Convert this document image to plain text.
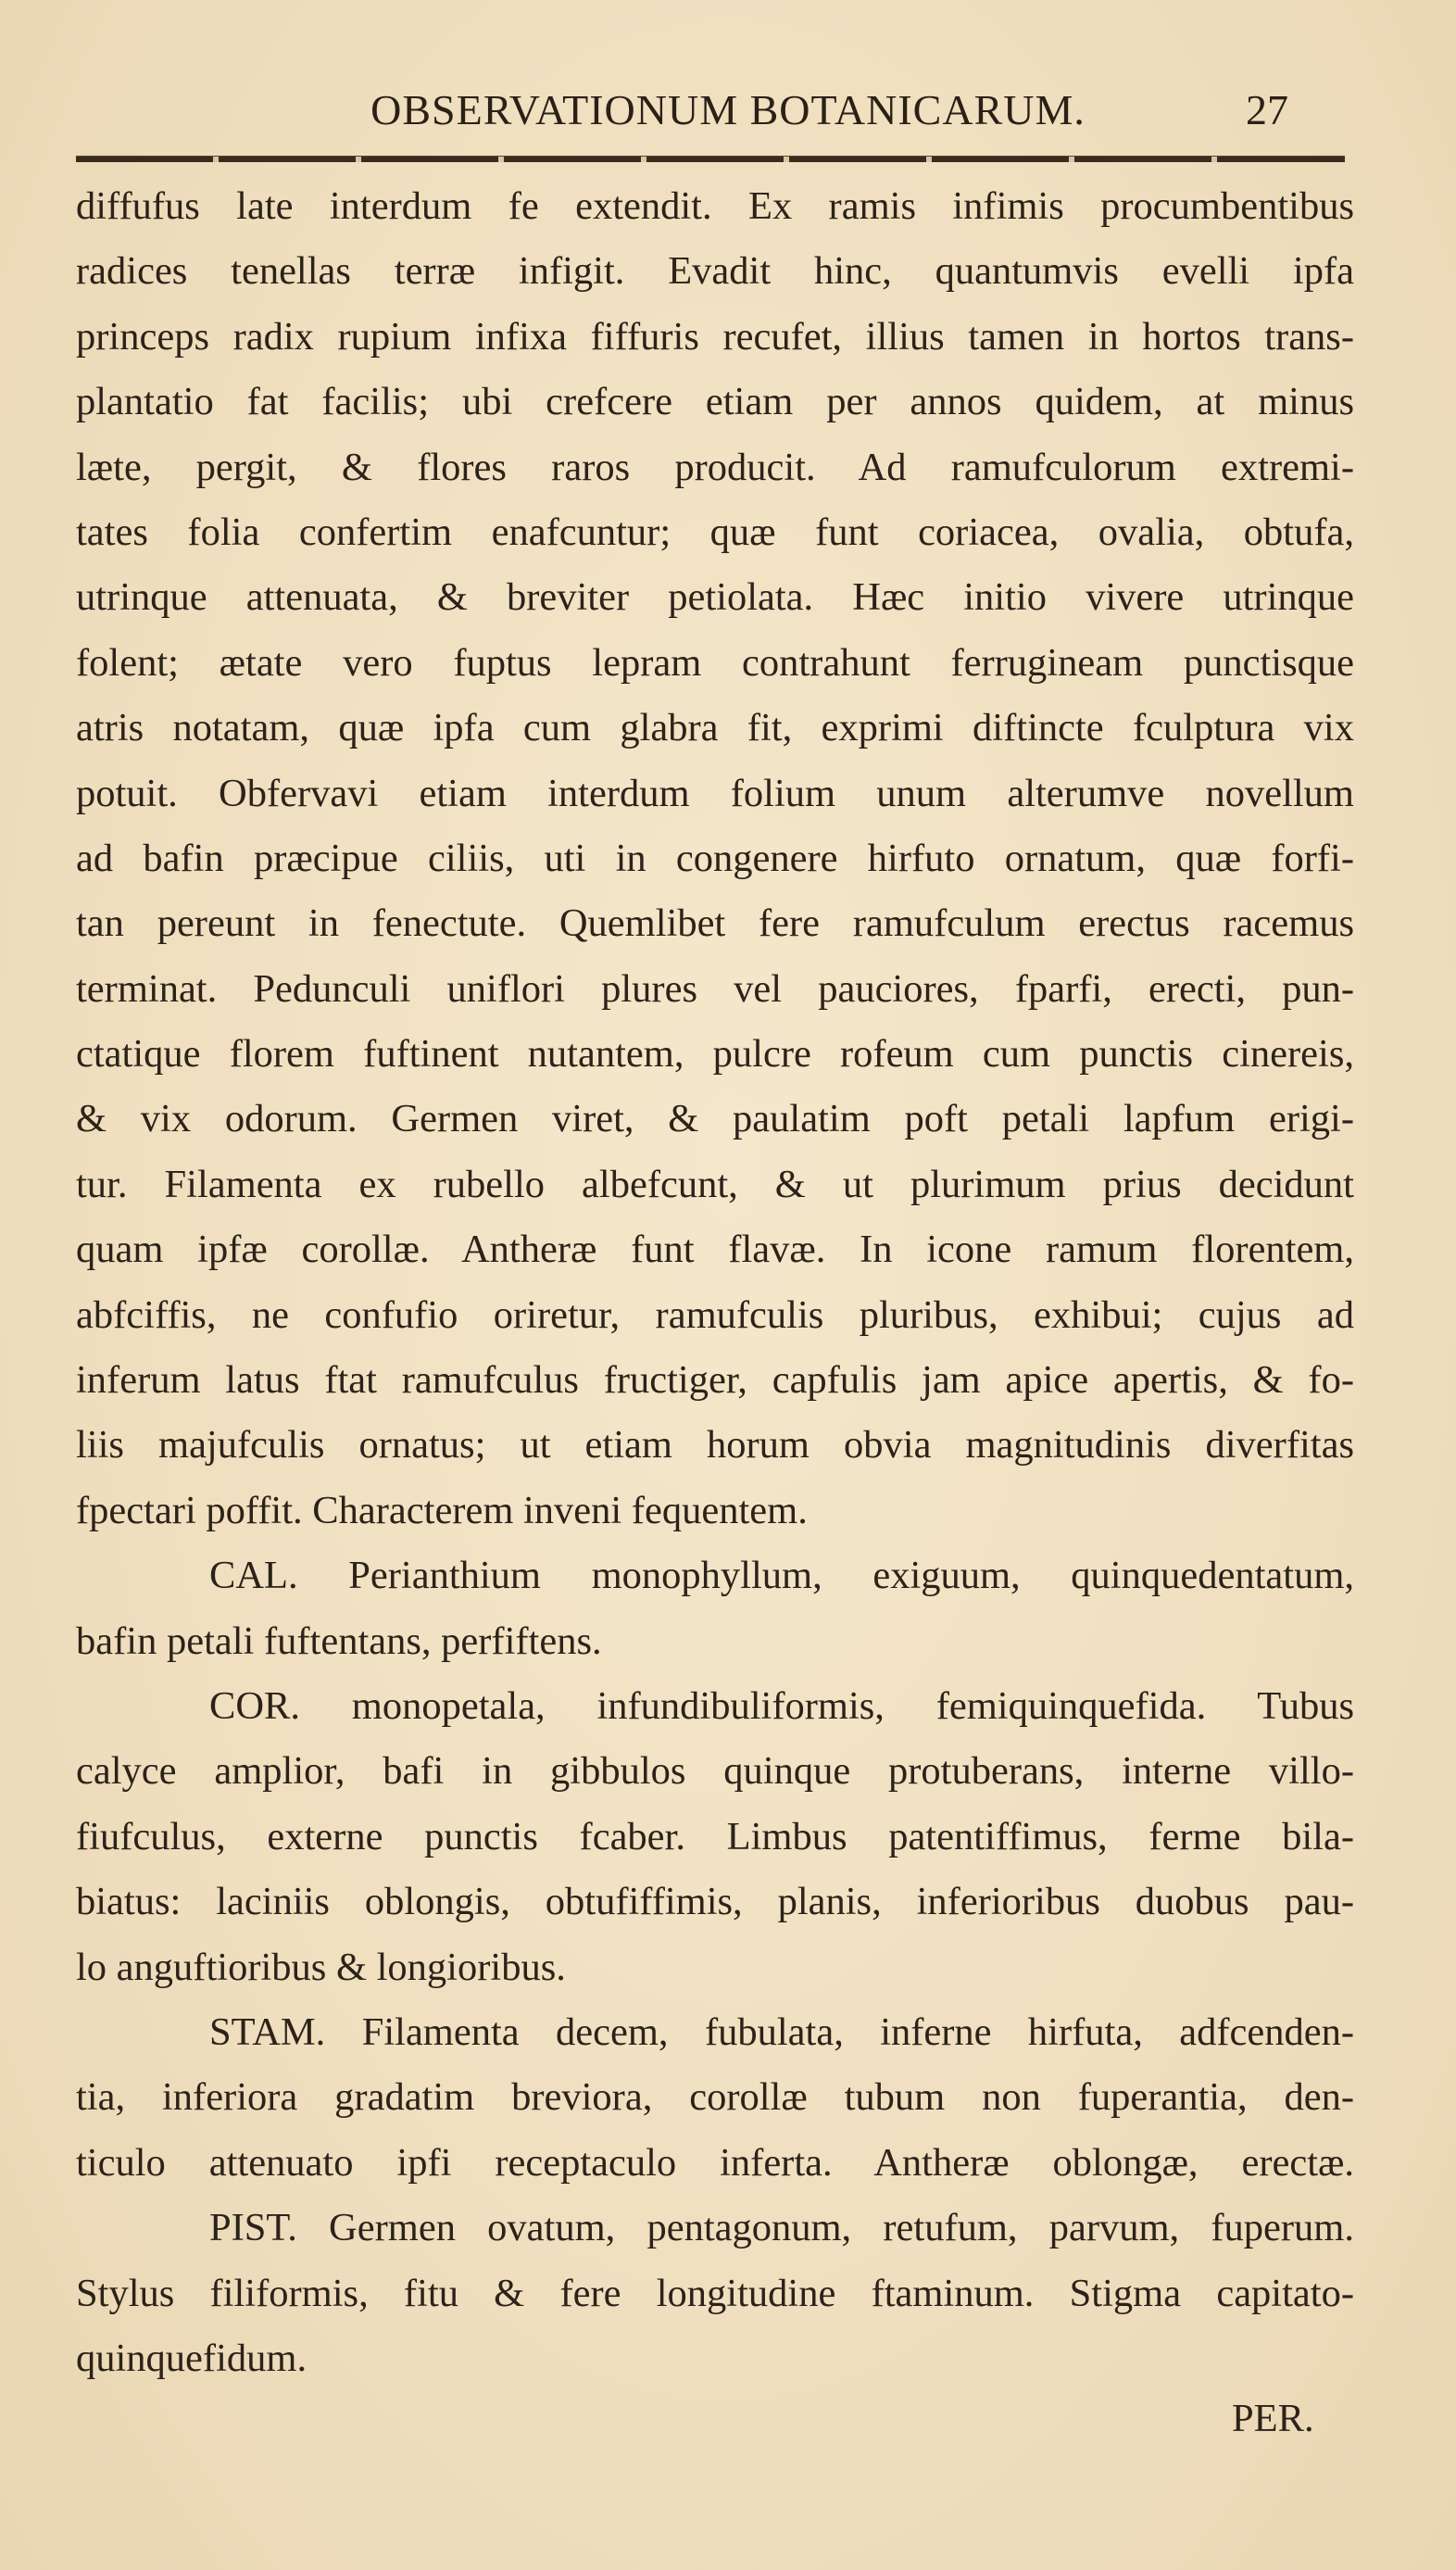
OBSERVATIONUM BOTANICARUM.	27
diffufus late interdum fe extendit. Ex ramis infimis procumbentibus
radices tenellas terræ infigit. Evadit hinc, quantumvis evelli ipfa
princeps radix rupium infixa fiffuris recufet, illius tamen in hortos trans-
plantatio fat facilis; ubi crefcere etiam per annos quidem, at minus
læte, pergit, & flores raros producit. Ad ramufculorum extremi-
tates folia confertim enafcuntur; quæ funt coriacea, ovalia, obtufa,
utrinque attenuata, & breviter petiolata. Hæc initio vivere utrinque
folent; ætate vero fuptus lepram contrahunt ferrugineam punctisque
atris notatam, quæ ipfa cum glabra fit, exprimi diftincte fculptura vix
potuit. Obfervavi etiam interdum folium unum alterumve novellum
ad bafin præcipue ciliis, uti in congenere hirfuto ornatum, quæ forfi-
tan pereunt in fenectute. Quemlibet fere ramufculum erectus racemus
terminat. Pedunculi uniflori plures vel pauciores, fparfi, erecti, pun-
ctatique florem fuftinent nutantem, pulcre rofeum cum punctis cinereis,
& vix odorum. Germen viret, & paulatim poft petali lapfum erigi-
tur. Filamenta ex rubello albefcunt, & ut plurimum prius decidunt
quam ipfæ corollæ. Antheræ funt flavæ. In icone ramum florentem,
abfciffis, ne confufio oriretur, ramufculis pluribus, exhibui; cujus ad
inferum latus ftat ramufculus fructiger, capfulis jam apice apertis, & fo-
liis majufculis ornatus; ut etiam horum obvia magnitudinis diverfitas
fpectari poffit. Characterem inveni fequentem.
CAL. Perianthium monophyllum, exiguum, quinquedentatum,
bafin petali fuftentans, perfiftens.
COR. monopetala, infundibuliformis, femiquinquefida. Tubus
calyce amplior, bafi in gibbulos quinque protuberans, interne villo-
fiufculus, externe punctis fcaber. Limbus patentiffimus, ferme bila-
biatus: laciniis oblongis, obtufiffimis, planis, inferioribus duobus pau-
lo anguftioribus & longioribus.
STAM. Filamenta decem, fubulata, inferne hirfuta, adfcenden-
tia, inferiora gradatim breviora, corollæ tubum non fuperantia, den-
ticulo attenuato ipfi receptaculo inferta. Antheræ oblongæ, erectæ.
PIST. Germen ovatum, pentagonum, retufum, parvum, fuperum.
Stylus filiformis, fitu & fere longitudine ftaminum. Stigma capitato-
quinquefidum.
PER.
